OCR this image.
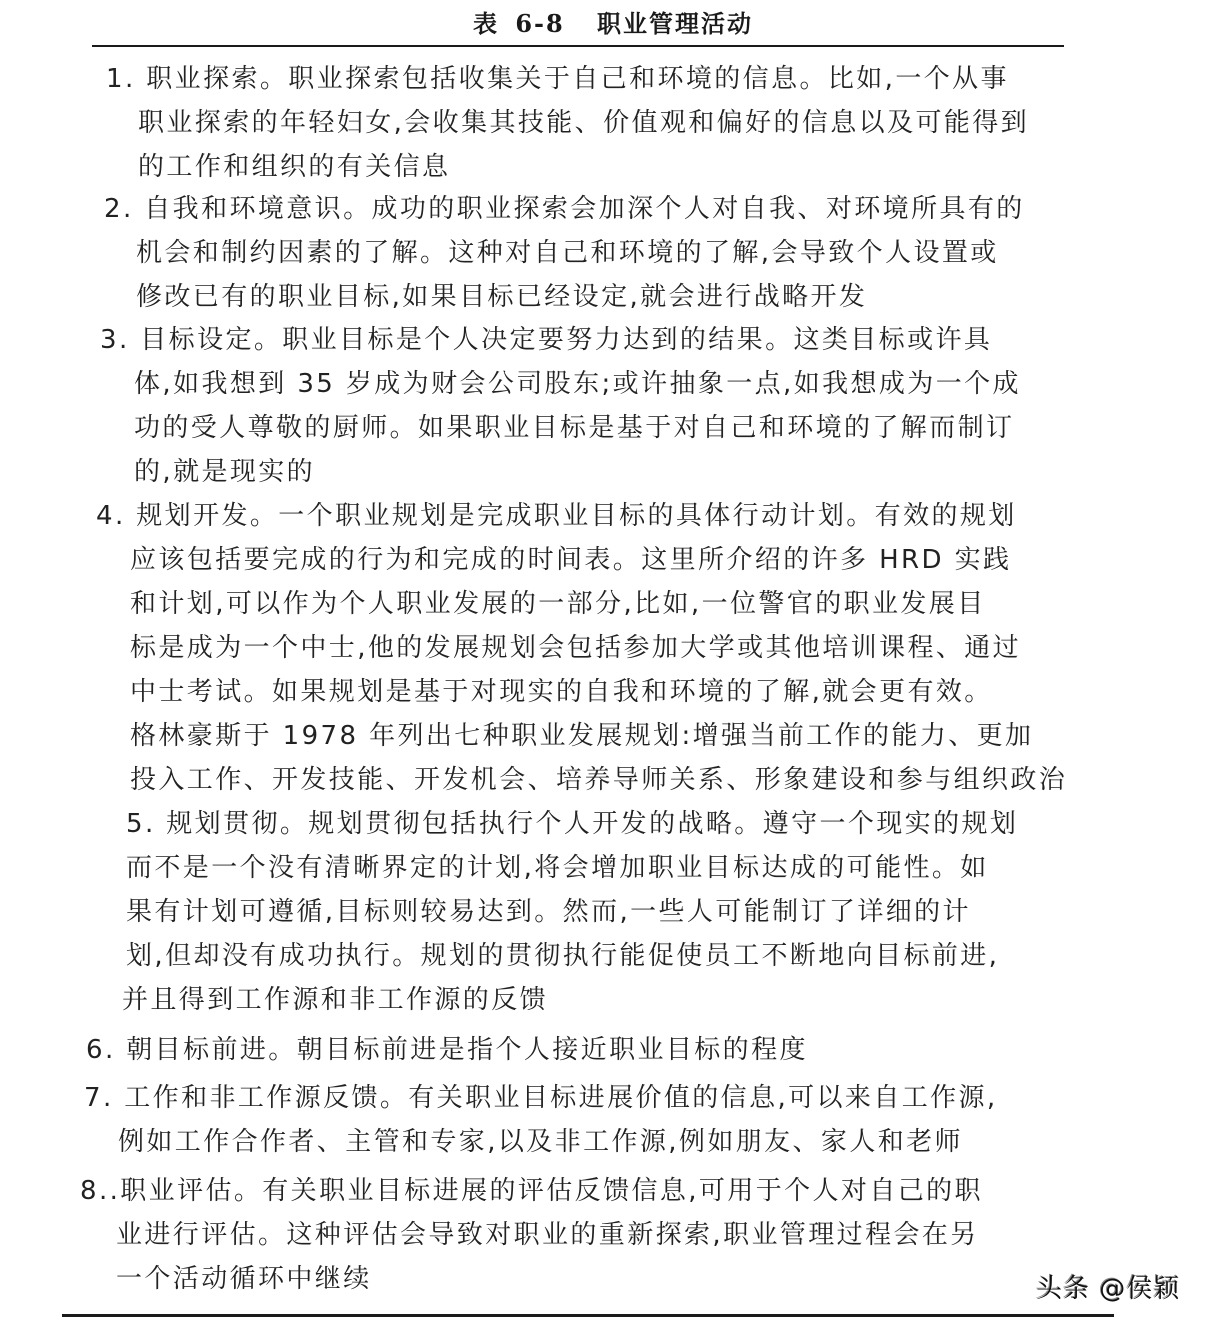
表 6-8 职业管理活动
1. 职业探索。职业探索包括收集关于自己和环境的信息。比如,一个从事
职业探索的年轻妇女,会收集其技能、价值观和偏好的信息以及可能得到
的工作和组织的有关信息
2. 自我和环境意识。成功的职业探索会加深个人对自我、对环境所具有的
机会和制约因素的了解。这种对自己和环境的了解,会导致个人设置或
修改已有的职业目标,如果目标已经设定,就会进行战略开发
3. 目标设定。职业目标是个人决定要努力达到的结果。这类目标或许具
体,如我想到 35 岁成为财会公司股东;或许抽象一点,如我想成为一个成
功的受人尊敬的厨师。如果职业目标是基于对自己和环境的了解而制订
的,就是现实的
4. 规划开发。一个职业规划是完成职业目标的具体行动计划。有效的规划
应该包括要完成的行为和完成的时间表。这里所介绍的许多 HRD 实践
和计划,可以作为个人职业发展的一部分,比如,一位警官的职业发展目
标是成为一个中士,他的发展规划会包括参加大学或其他培训课程、通过
中士考试。如果规划是基于对现实的自我和环境的了解,就会更有效。
格林豪斯于 1978 年列出七种职业发展规划:增强当前工作的能力、更加
投入工作、开发技能、开发机会、培养导师关系、形象建设和参与组织政治
5. 规划贯彻。规划贯彻包括执行个人开发的战略。遵守一个现实的规划
而不是一个没有清晰界定的计划,将会增加职业目标达成的可能性。如
果有计划可遵循,目标则较易达到。然而,一些人可能制订了详细的计
划,但却没有成功执行。规划的贯彻执行能促使员工不断地向目标前进,
并且得到工作源和非工作源的反馈
6. 朝目标前进。朝目标前进是指个人接近职业目标的程度
7. 工作和非工作源反馈。有关职业目标进展价值的信息,可以来自工作源,
例如工作合作者、主管和专家,以及非工作源,例如朋友、家人和老师
8..职业评估。有关职业目标进展的评估反馈信息,可用于个人对自己的职
业进行评估。这种评估会导致对职业的重新探索,职业管理过程会在另
一个活动循环中继续	头条 @侯颖
